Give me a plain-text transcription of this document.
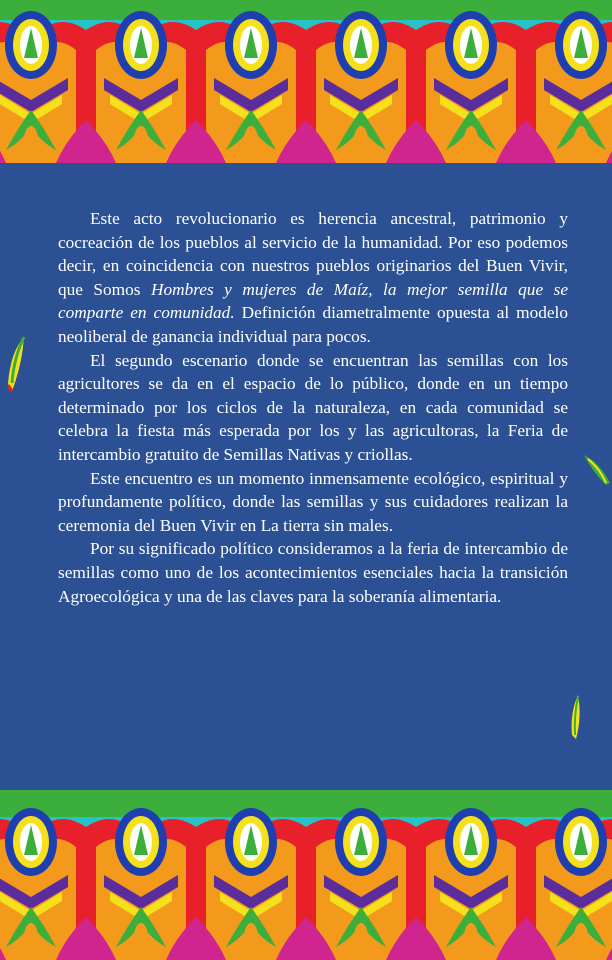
Este acto revolucionario es herencia ancestral, patrimonio y cocreación de los pueblos al servicio de la humanidad. Por eso podemos decir, en coincidencia con nuestros pueblos originarios del Buen Vivir, que Somos Hombres y mujeres de Maíz, la mejor semilla que se comparte en comunidad. Definición diametralmente opuesta al modelo neoliberal de ganancia individual para pocos.

El segundo escenario donde se encuentran las semillas con los agricultores se da en el espacio de lo público, donde en un tiempo determinado por los ciclos de la naturaleza, en cada comunidad se celebra la fiesta más esperada por los y las agricultoras, la Feria de intercambio gratuito de Semillas Nativas y criollas.

Este encuentro es un momento inmensamente ecológico, espiritual y profundamente político, donde las semillas y sus cuidadores realizan la ceremonia del Buen Vivir en La tierra sin males.

Por su significado político consideramos a la feria de intercambio de semillas como uno de los acontecimientos esenciales hacia la transición Agroecológica y una de las claves para la soberanía alimentaria.
